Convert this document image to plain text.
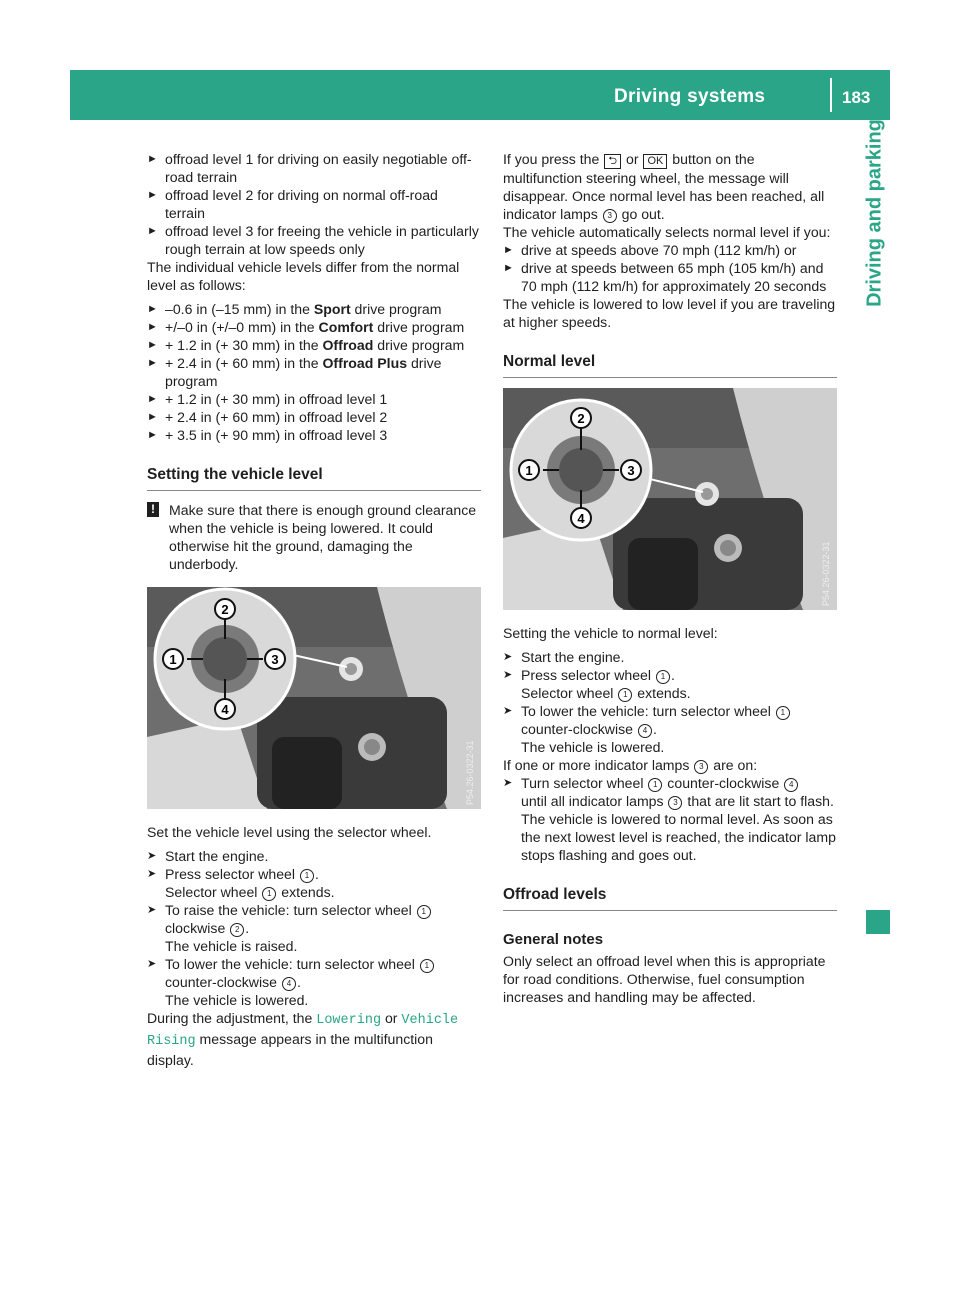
Driving systems	183
Driving and parking
► offroad level 1 for driving on easily negotiable off-road terrain
► offroad level 2 for driving on normal off-road terrain
► offroad level 3 for freeing the vehicle in particularly rough terrain at low speeds only

The individual vehicle levels differ from the normal level as follows:

► –0.6 in (–15 mm) in the Sport drive program
► +/–0 in (+/–0 mm) in the Comfort drive program
► + 1.2 in (+ 30 mm) in the Offroad drive program
► + 2.4 in (+ 60 mm) in the Offroad Plus drive program
► + 1.2 in (+ 30 mm) in offroad level 1
► + 2.4 in (+ 60 mm) in offroad level 2
► + 3.5 in (+ 90 mm) in offroad level 3
Setting the vehicle level
! Make sure that there is enough ground clearance when the vehicle is being lowered. It could otherwise hit the ground, damaging the underbody.
2
4
1	3
P54.26-0322-31

Set the vehicle level using the selector wheel.

➤ Start the engine.
➤ Press selector wheel 1 .
Selector wheel 1 extends.
➤ To raise the vehicle: turn selector wheel 1
clockwise 2 .
The vehicle is raised.
➤ To lower the vehicle: turn selector wheel 1
counter-clockwise 4 .
The vehicle is lowered.

During the adjustment, the Lowering or Vehicle Rising message appears in the multifunction display.

If you press the ⮌ or OK button on the multifunction steering wheel, the message will disappear. Once normal level has been reached, all indicator lamps 3 go out.

The vehicle automatically selects normal level if you:

► drive at speeds above 70 mph (112 km/h) or
► drive at speeds between 65 mph (105 km/h) and 70 mph (112 km/h) for approximately 20 seconds

The vehicle is lowered to low level if you are traveling at higher speeds.

Normal level
2
4
1	3
P54.26-0322-31

Setting the vehicle to normal level:

➤ Start the engine.
➤ Press selector wheel 1 .
Selector wheel 1 extends.
➤ To lower the vehicle: turn selector wheel 1
counter-clockwise 4 .
The vehicle is lowered.

If one or more indicator lamps 3 are on:

➤ Turn selector wheel 1 counter-clockwise 4
until all indicator lamps 3 that are lit start to flash.
The vehicle is lowered to normal level. As soon as the next lowest level is reached, the indicator lamp stops flashing and goes out.
Offroad levels
General notes

Only select an offroad level when this is appropriate for road conditions. Otherwise, fuel consumption increases and handling may be affected.
